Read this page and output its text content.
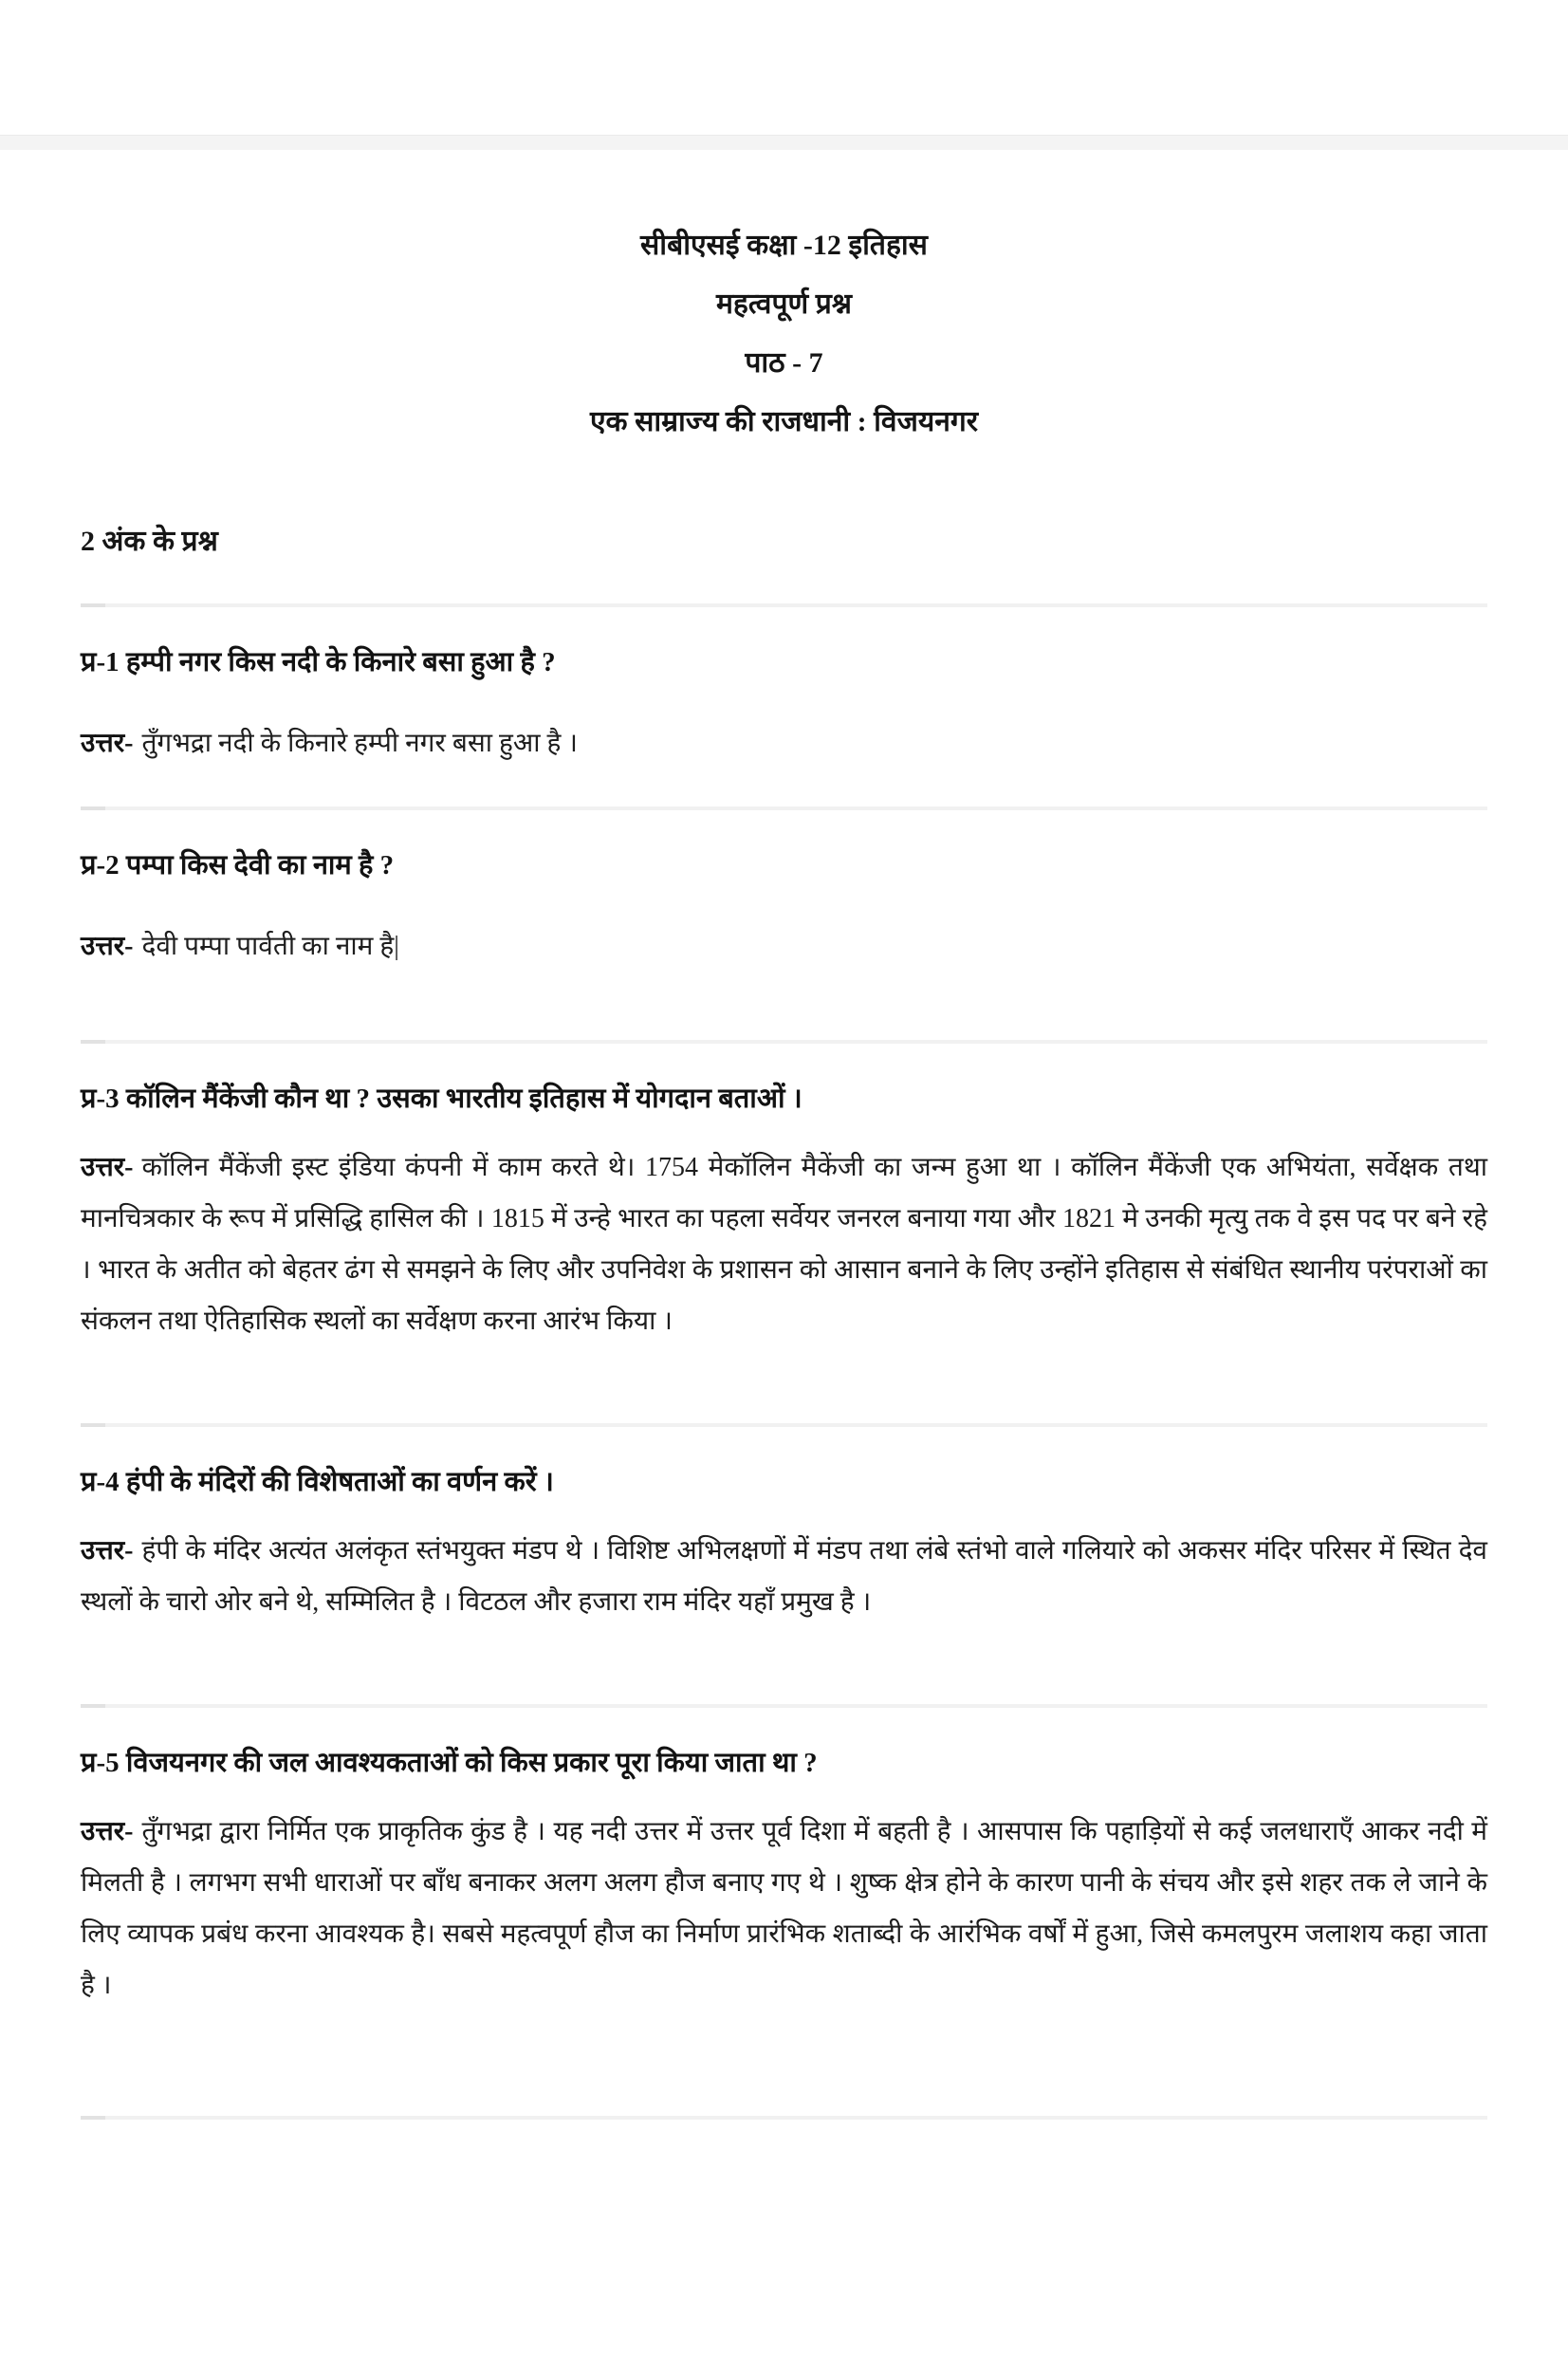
सीबीएसई कक्षा -12 इतिहास
महत्वपूर्ण प्रश्न
पाठ - 7
एक साम्राज्य की राजधानी : विजयनगर
2 अंक के प्रश्न
प्र-1 हम्पी नगर किस नदी के किनारे बसा हुआ है ?

उत्तर- तुँगभद्रा नदी के किनारे हम्पी नगर बसा हुआ है ।

प्र-2 पम्पा किस देवी का नाम है ?

उत्तर- देवी पम्पा पार्वती का नाम है|

प्र-3 कॉलिन मैंकेंजी कौन था ? उसका भारतीय इतिहास में योगदान बताओं ।

उत्तर- कॉलिन मैंकेंजी इस्ट इंडिया कंपनी में काम करते थे। 1754 मेकॉलिन मैकेंजी का जन्म हुआ था । कॉलिन मैंकेंजी एक अभियंता, सर्वेक्षक तथा मानचित्रकार के रूप में प्रसिद्धि हासिल की । 1815 में उन्हे भारत का पहला सर्वेयर जनरल बनाया गया और 1821 मे उनकी मृत्यु तक वे इस पद पर बने रहे । भारत के अतीत को बेहतर ढंग से समझने के लिए और उपनिवेश के प्रशासन को आसान बनाने के लिए उन्होंने इतिहास से संबंधित स्थानीय परंपराओं का संकलन तथा ऐतिहासिक स्थलों का सर्वेक्षण करना आरंभ किया ।

प्र-4 हंपी के मंदिरों की विशेषताओं का वर्णन करें ।

उत्तर- हंपी के मंदिर अत्यंत अलंकृत स्तंभयुक्त मंडप थे । विशिष्ट अभिलक्षणों में मंडप तथा लंबे स्तंभो वाले गलियारे को अकसर मंदिर परिसर में स्थित देव स्थलों के चारो ओर बने थे, सम्मिलित है । विटठल और हजारा राम मंदिर यहाँ प्रमुख है ।

प्र-5 विजयनगर की जल आवश्यकताओं को किस प्रकार पूरा किया जाता था ?

उत्तर- तुँगभद्रा द्वारा निर्मित एक प्राकृतिक कुंड है । यह नदी उत्तर में उत्तर पूर्व दिशा में बहती है । आसपास कि पहाड़ियों से कई जलधाराएँ आकर नदी में मिलती है । लगभग सभी धाराओं पर बाँध बनाकर अलग अलग हौज बनाए गए थे । शुष्क क्षेत्र होने के कारण पानी के संचय और इसे शहर तक ले जाने के लिए व्यापक प्रबंध करना आवश्यक है। सबसे महत्वपूर्ण हौज का निर्माण प्रारंभिक शताब्दी के आरंभिक वर्षों में हुआ, जिसे कमलपुरम जलाशय कहा जाता है ।
